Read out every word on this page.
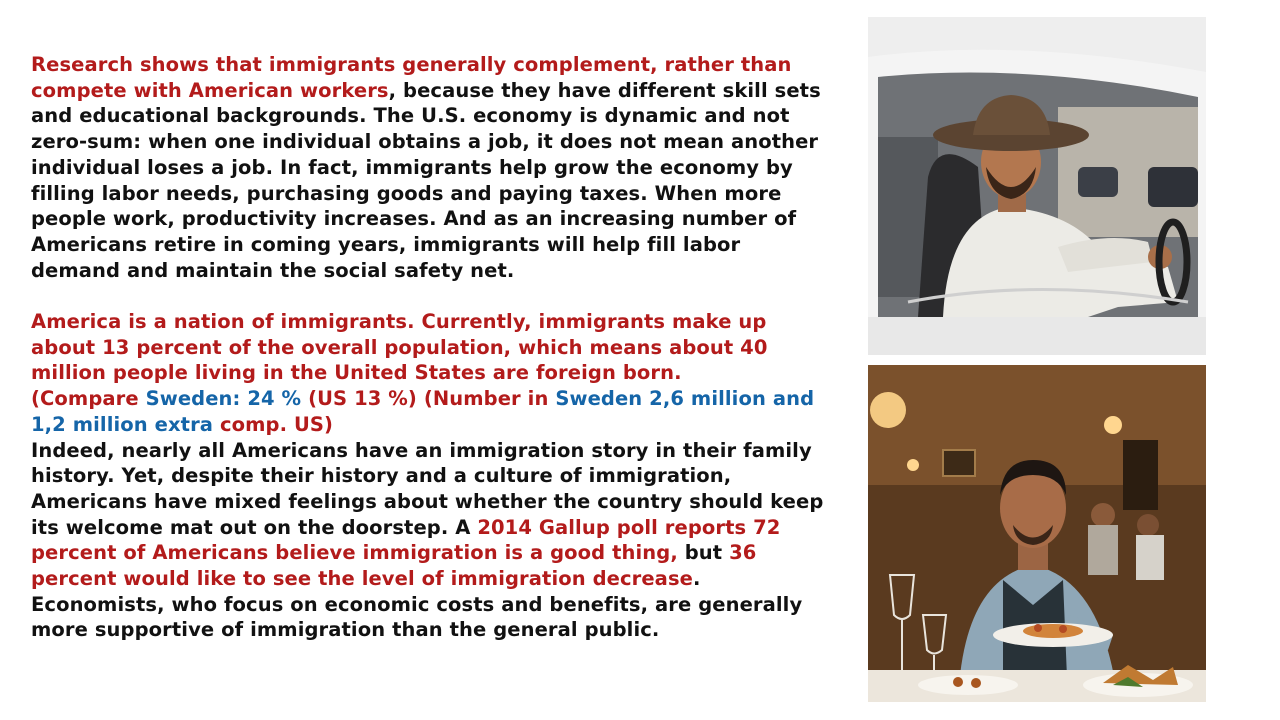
Research shows that immigrants generally complement, rather than compete with American workers, because they have different skill sets and educational backgrounds. The U.S. economy is dynamic and not zero-sum: when one individual obtains a job, it does not mean another individual loses a job. In fact, immigrants help grow the economy by filling labor needs, purchasing goods and paying taxes. When more people work, productivity increases. And as an increasing number of Americans retire in coming years, immigrants will help fill labor demand and maintain the social safety net.

America is a nation of immigrants. Currently, immigrants make up about 13 percent of the overall population, which means about 40 million people living in the United States are foreign born.

(Compare Sweden: 24 % (US 13 %) (Number in Sweden 2,6 million and 1,2 million extra comp. US)

Indeed, nearly all Americans have an immigration story in their family history. Yet, despite their history and a culture of immigration, Americans have mixed feelings about whether the country should keep its welcome mat out on the doorstep. A 2014 Gallup poll reports 72 percent of Americans believe immigration is a good thing, but 36 percent would like to see the level of immigration decrease. Economists, who focus on economic costs and benefits, are generally more supportive of immigration than the general public.
